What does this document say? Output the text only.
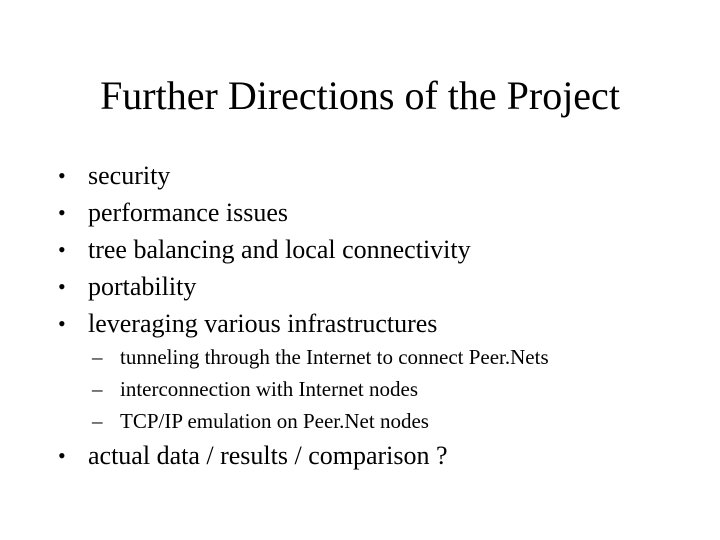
Further Directions of the Project
• security
• performance issues
• tree balancing and local connectivity
• portability
• leveraging various infrastructures
– tunneling through the Internet to connect Peer.Nets
– interconnection with Internet nodes
– TCP/IP emulation on Peer.Net nodes
• actual data / results / comparison ?
